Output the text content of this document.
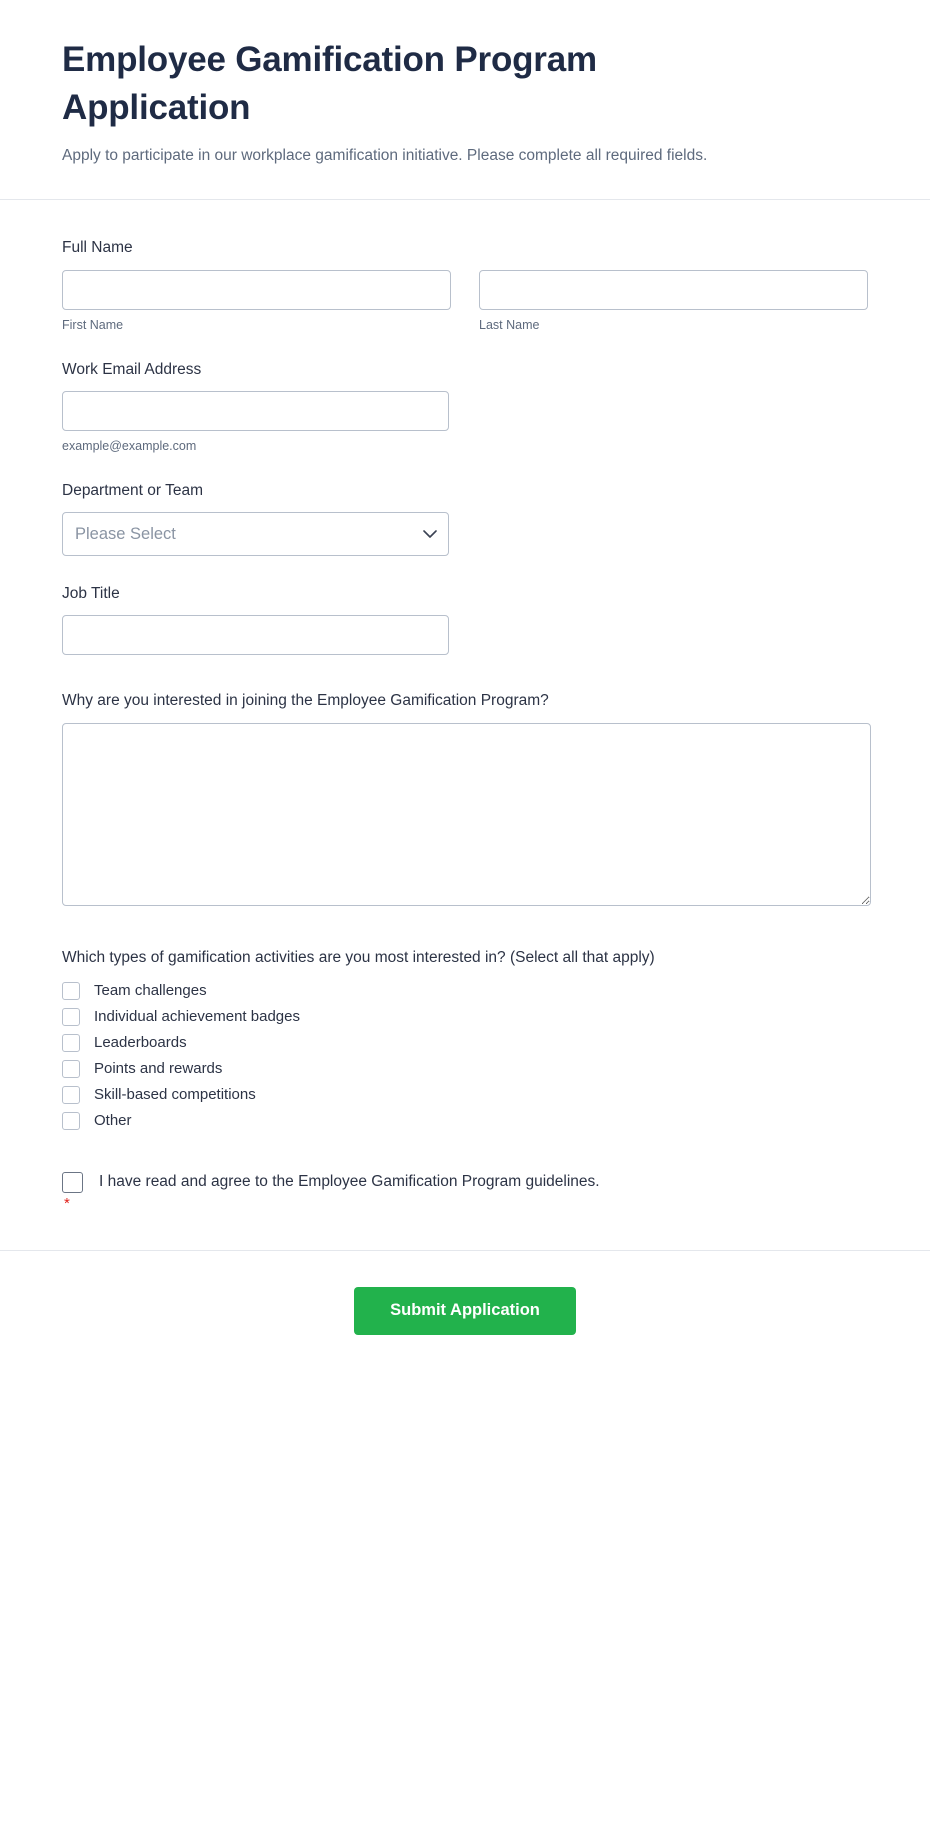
Employee Gamification Program Application

Apply to participate in our workplace gamification initiative. Please complete all required fields.

Full Name
First Name	Last Name
Work Email Address
example@example.com
Department or Team
Please Select
Job Title
Why are you interested in joining the Employee Gamification Program?
Which types of gamification activities are you most interested in? (Select all that apply)
Team challenges
Individual achievement badges
Leaderboards
Points and rewards
Skill-based competitions
Other
I have read and agree to the Employee Gamification Program guidelines.
*
Submit Application
